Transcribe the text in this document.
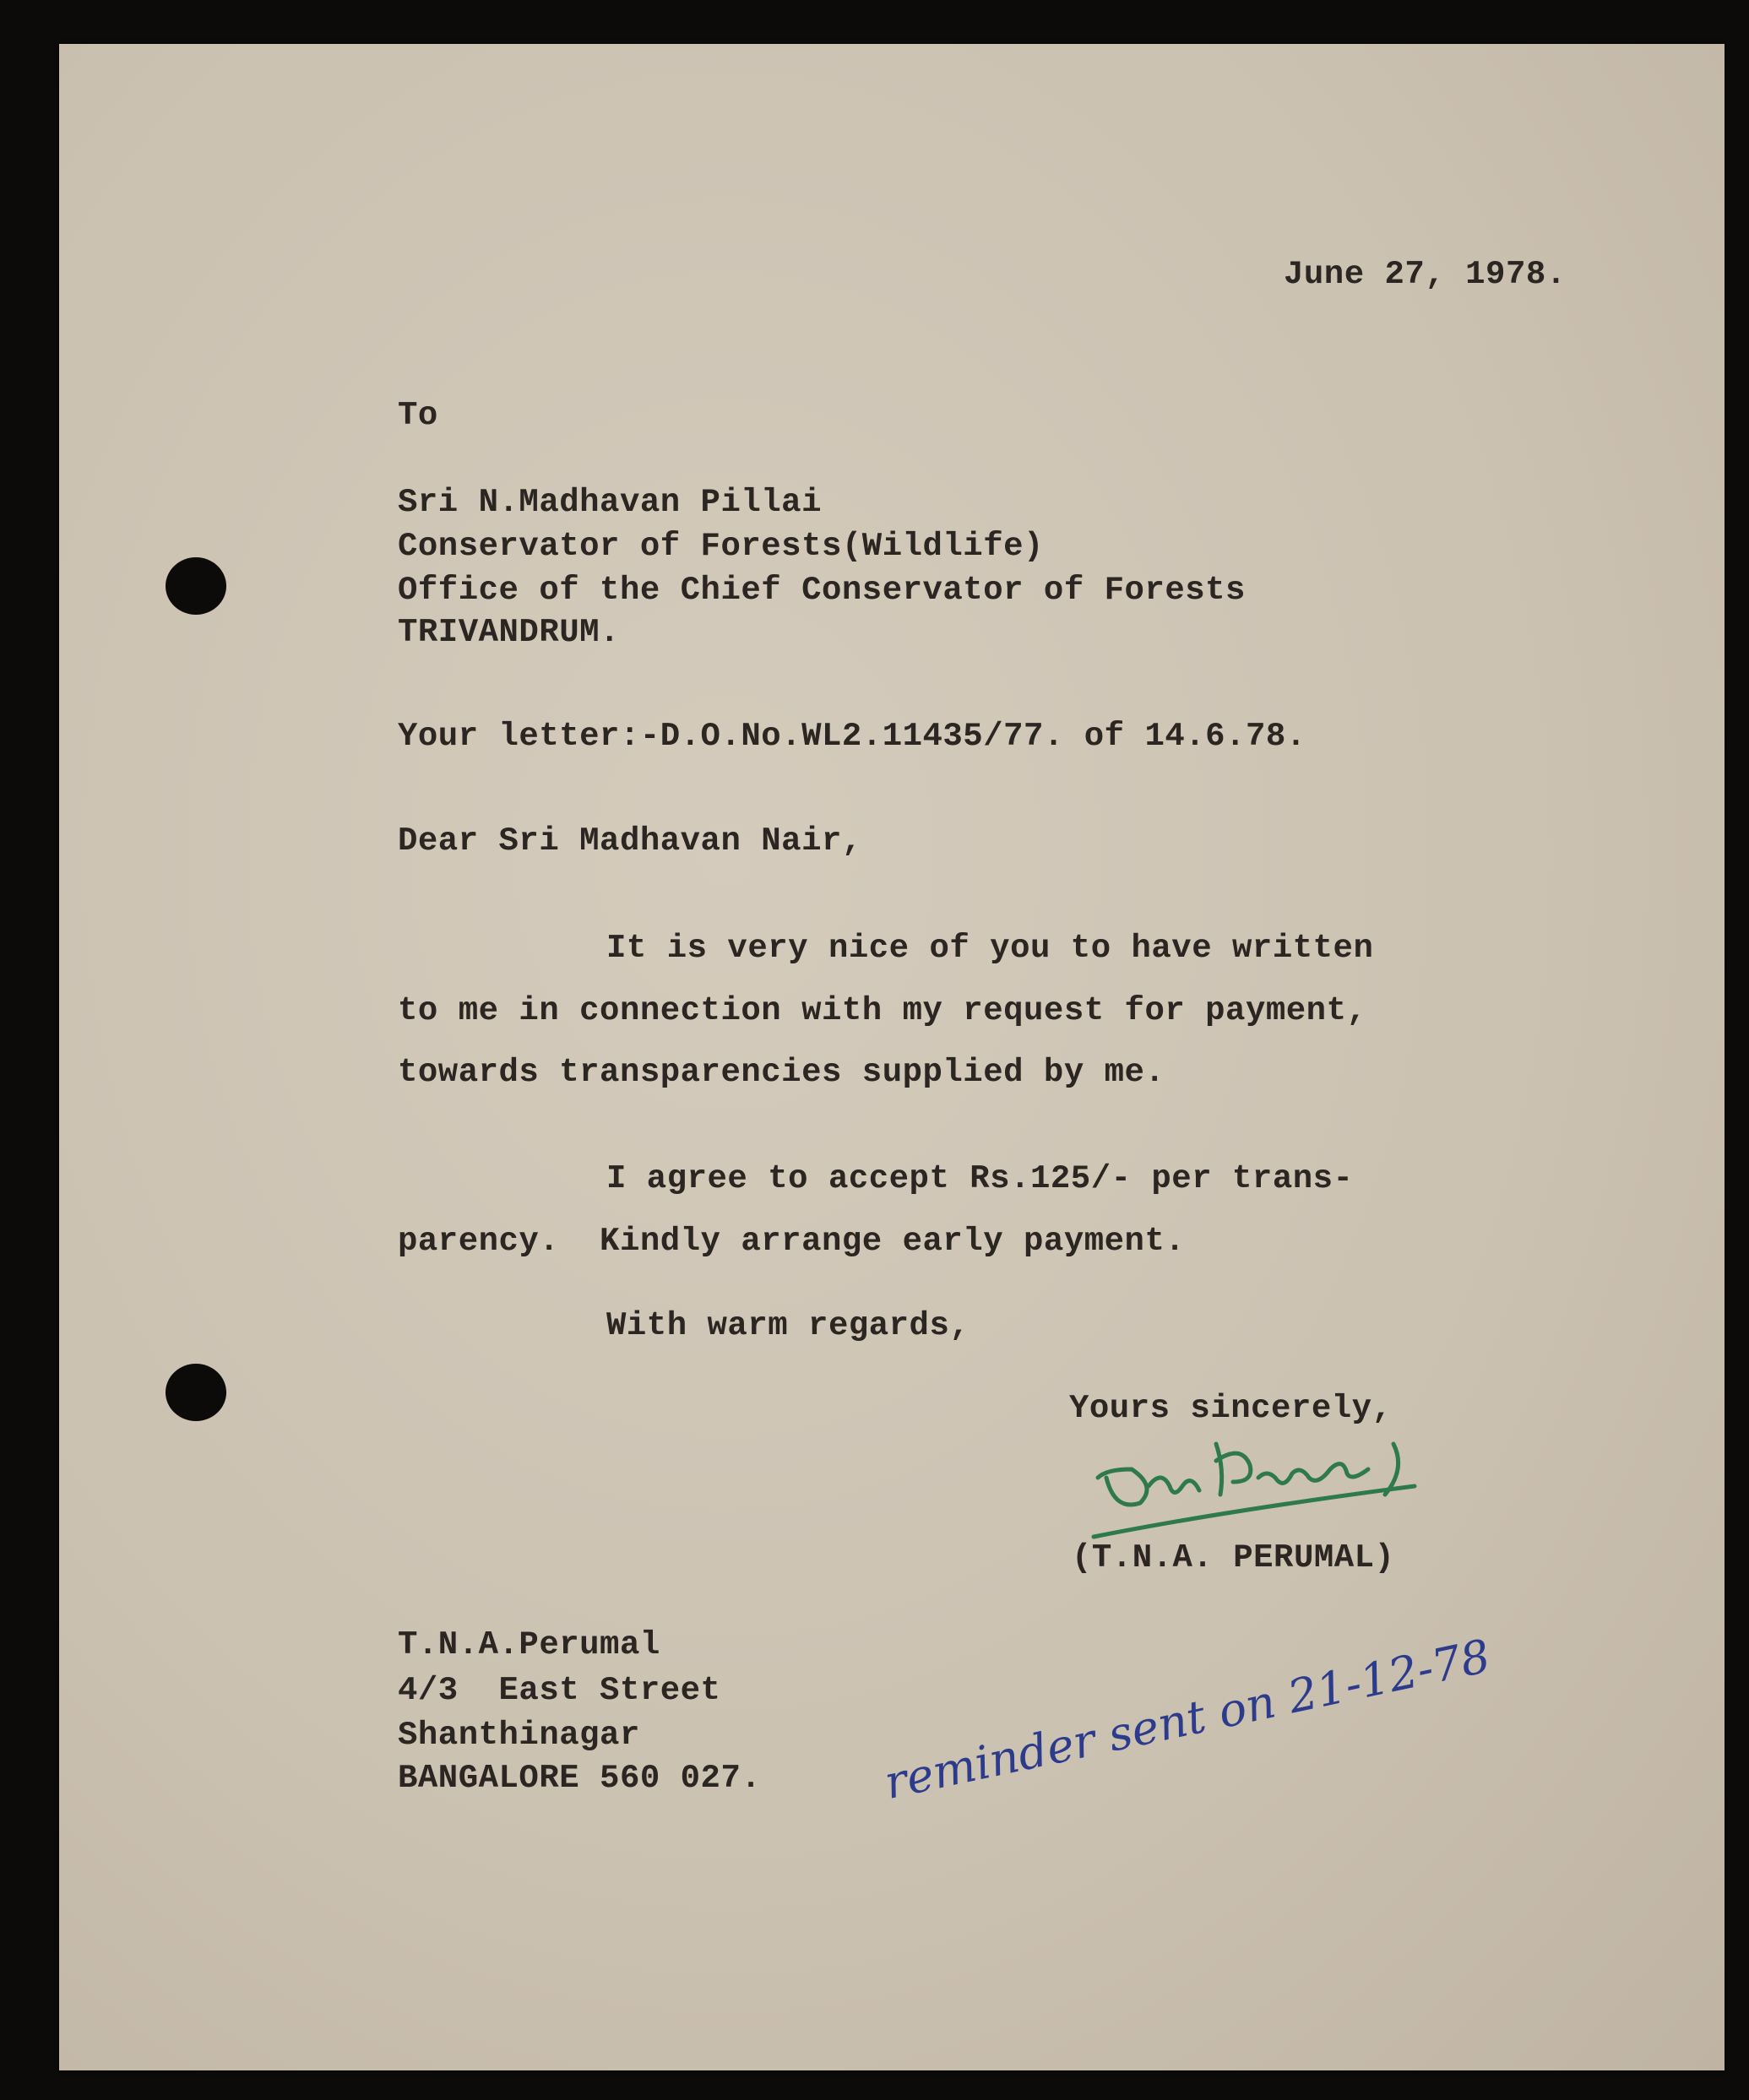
June 27, 1978.
To
Sri N.Madhavan Pillai
Conservator of Forests(Wildlife)
Office of the Chief Conservator of Forests
TRIVANDRUM.
Your letter:-D.O.No.WL2.11435/77. of 14.6.78.
Dear Sri Madhavan Nair,
It is very nice of you to have written
to me in connection with my request for payment,
towards transparencies supplied by me.
I agree to accept Rs.125/- per trans-
parency.  Kindly arrange early payment.
With warm regards,
Yours sincerely,
(T.N.A. PERUMAL)
T.N.A.Perumal
4/3  East Street
Shanthinagar
BANGALORE 560 027.	reminder sent on 21-12-78
